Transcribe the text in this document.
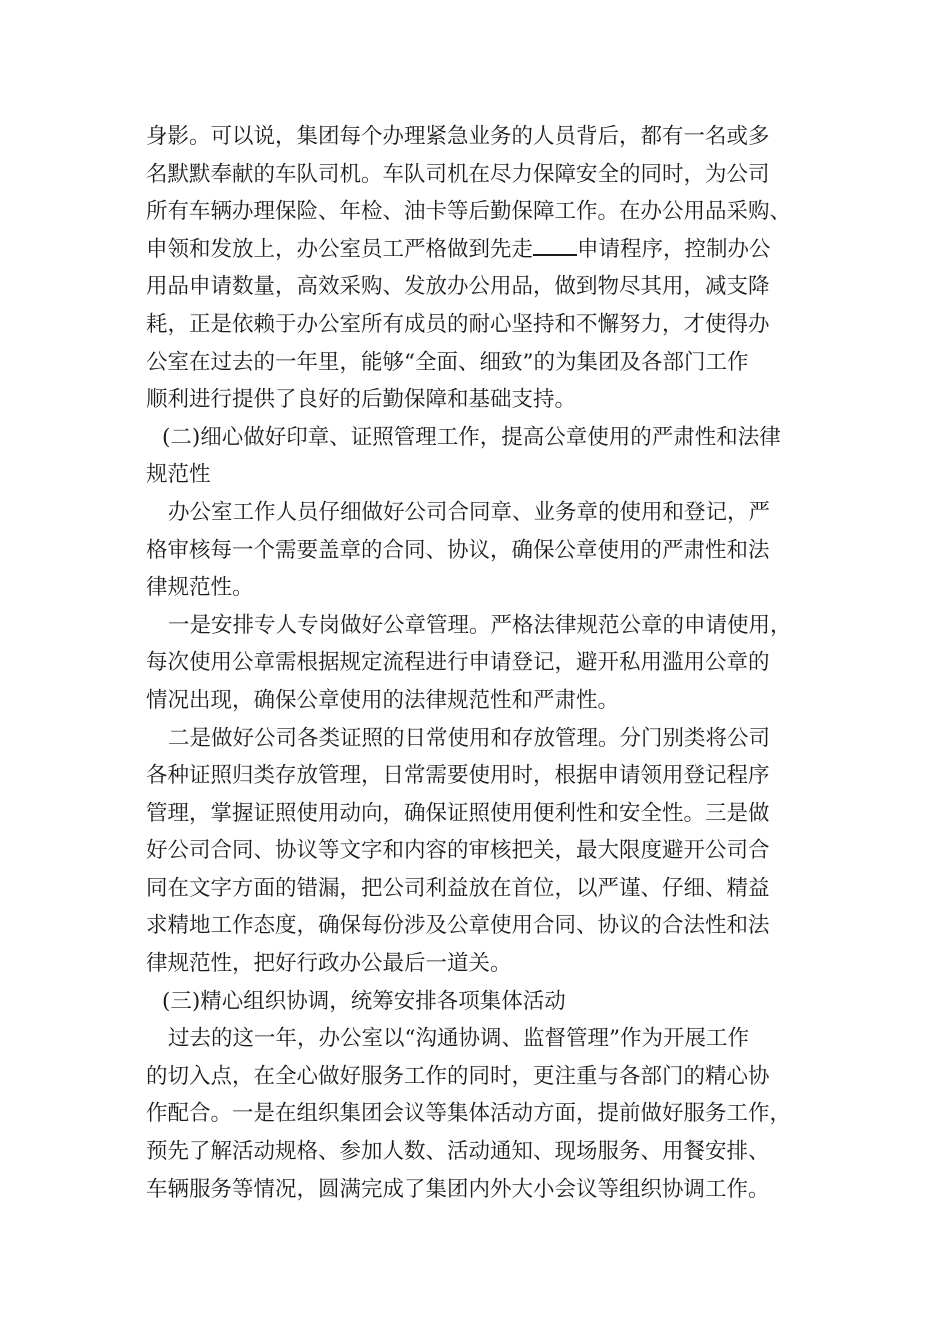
身影。可以说，集团每个办理紧急业务的人员背后，都有一名或多
名默默奉献的车队司机。车队司机在尽力保障安全的同时，为公司
所有车辆办理保险、年检、油卡等后勤保障工作。在办公用品采购、
申领和发放上，办公室员工严格做到先走 申请程序，控制办公
用品申请数量，高效采购、发放办公用品，做到物尽其用，减支降
耗，正是依赖于办公室所有成员的耐心坚持和不懈努力，才使得办
公室在过去的一年里，能够“全面、细致”的为集团及各部门工作
顺利进行提供了良好的后勤保障和基础支持。
(二)细心做好印章、证照管理工作，提高公章使用的严肃性和法律
规范性
办公室工作人员仔细做好公司合同章、业务章的使用和登记，严
格审核每一个需要盖章的合同、协议，确保公章使用的严肃性和法
律规范性。
一是安排专人专岗做好公章管理。严格法律规范公章的申请使用，
每次使用公章需根据规定流程进行申请登记，避开私用滥用公章的
情况出现，确保公章使用的法律规范性和严肃性。
二是做好公司各类证照的日常使用和存放管理。分门别类将公司
各种证照归类存放管理，日常需要使用时，根据申请领用登记程序
管理，掌握证照使用动向，确保证照使用便利性和安全性。三是做
好公司合同、协议等文字和内容的审核把关，最大限度避开公司合
同在文字方面的错漏，把公司利益放在首位，以严谨、仔细、精益
求精地工作态度，确保每份涉及公章使用合同、协议的合法性和法
律规范性，把好行政办公最后一道关。
(三)精心组织协调，统筹安排各项集体活动
过去的这一年，办公室以“沟通协调、监督管理”作为开展工作
的切入点，在全心做好服务工作的同时，更注重与各部门的精心协
作配合。一是在组织集团会议等集体活动方面，提前做好服务工作，
预先了解活动规格、参加人数、活动通知、现场服务、用餐安排、
车辆服务等情况，圆满完成了集团内外大小会议等组织协调工作。
